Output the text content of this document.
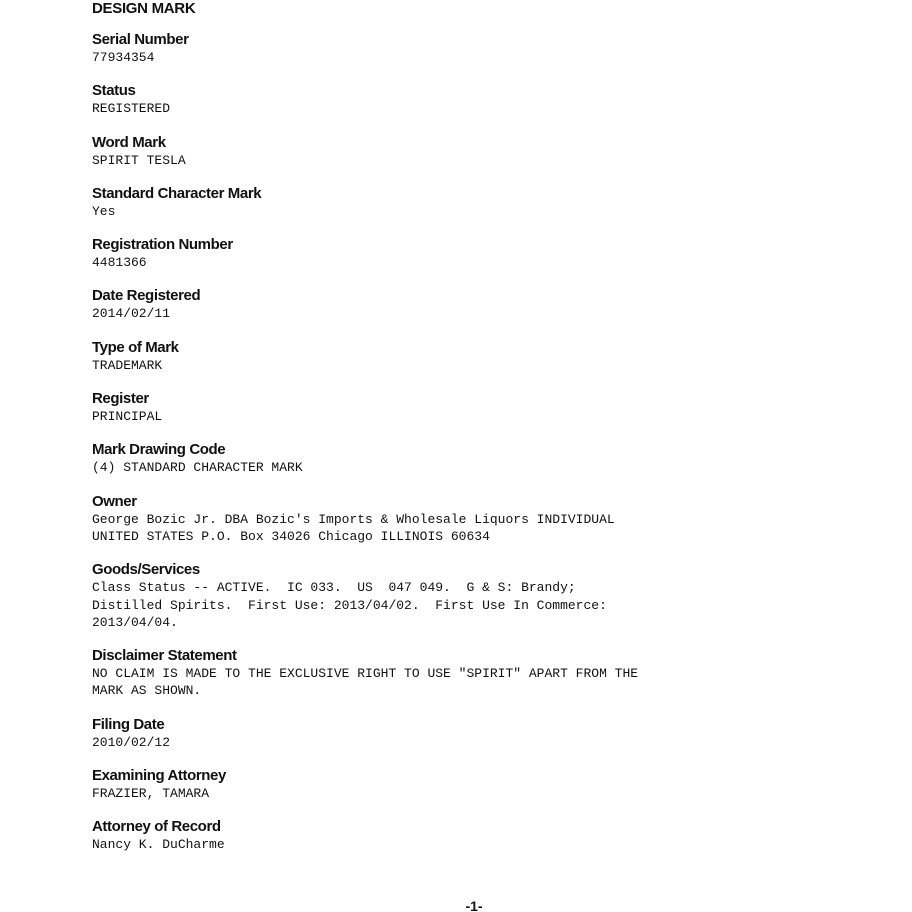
DESIGN MARK
Serial Number
77934354
Status
REGISTERED
Word Mark
SPIRIT TESLA
Standard Character Mark
Yes
Registration Number
4481366
Date Registered
2014/02/11
Type of Mark
TRADEMARK
Register
PRINCIPAL
Mark Drawing Code
(4) STANDARD CHARACTER MARK
Owner
George Bozic Jr. DBA Bozic's Imports & Wholesale Liquors INDIVIDUAL
UNITED STATES P.O. Box 34026 Chicago ILLINOIS 60634
Goods/Services
Class Status -- ACTIVE.  IC 033.  US  047 049.  G & S: Brandy;
Distilled Spirits.  First Use: 2013/04/02.  First Use In Commerce:
2013/04/04.
Disclaimer Statement
NO CLAIM IS MADE TO THE EXCLUSIVE RIGHT TO USE "SPIRIT" APART FROM THE
MARK AS SHOWN.
Filing Date
2010/02/12
Examining Attorney
FRAZIER, TAMARA
Attorney of Record
Nancy K. DuCharme
-1-
